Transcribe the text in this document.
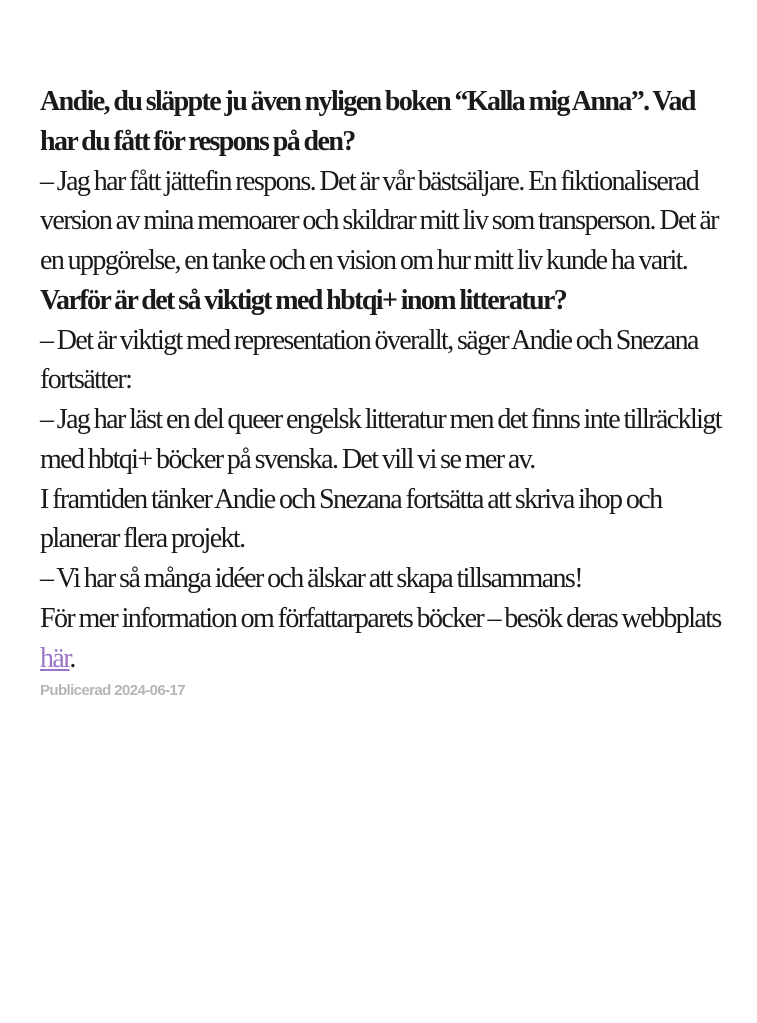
Andie, du släppte ju även nyligen boken “Kalla mig Anna”. Vad har du fått för respons på den?

– Jag har fått jättefin respons. Det är vår bästsäljare. En fiktionaliserad version av mina memoarer och skildrar mitt liv som transperson. Det är en uppgörelse, en tanke och en vision om hur mitt liv kunde ha varit.

Varför är det så viktigt med hbtqi+ inom litteratur?

– Det är viktigt med representation överallt, säger Andie och Snezana fortsätter:

– Jag har läst en del queer engelsk litteratur men det finns inte tillräckligt med hbtqi+ böcker på svenska. Det vill vi se mer av.

I framtiden tänker Andie och Snezana fortsätta att skriva ihop och planerar flera projekt.

– Vi har så många idéer och älskar att skapa tillsammans!

För mer information om författarparets böcker – besök deras webbplats här.

Publicerad 2024-06-17
